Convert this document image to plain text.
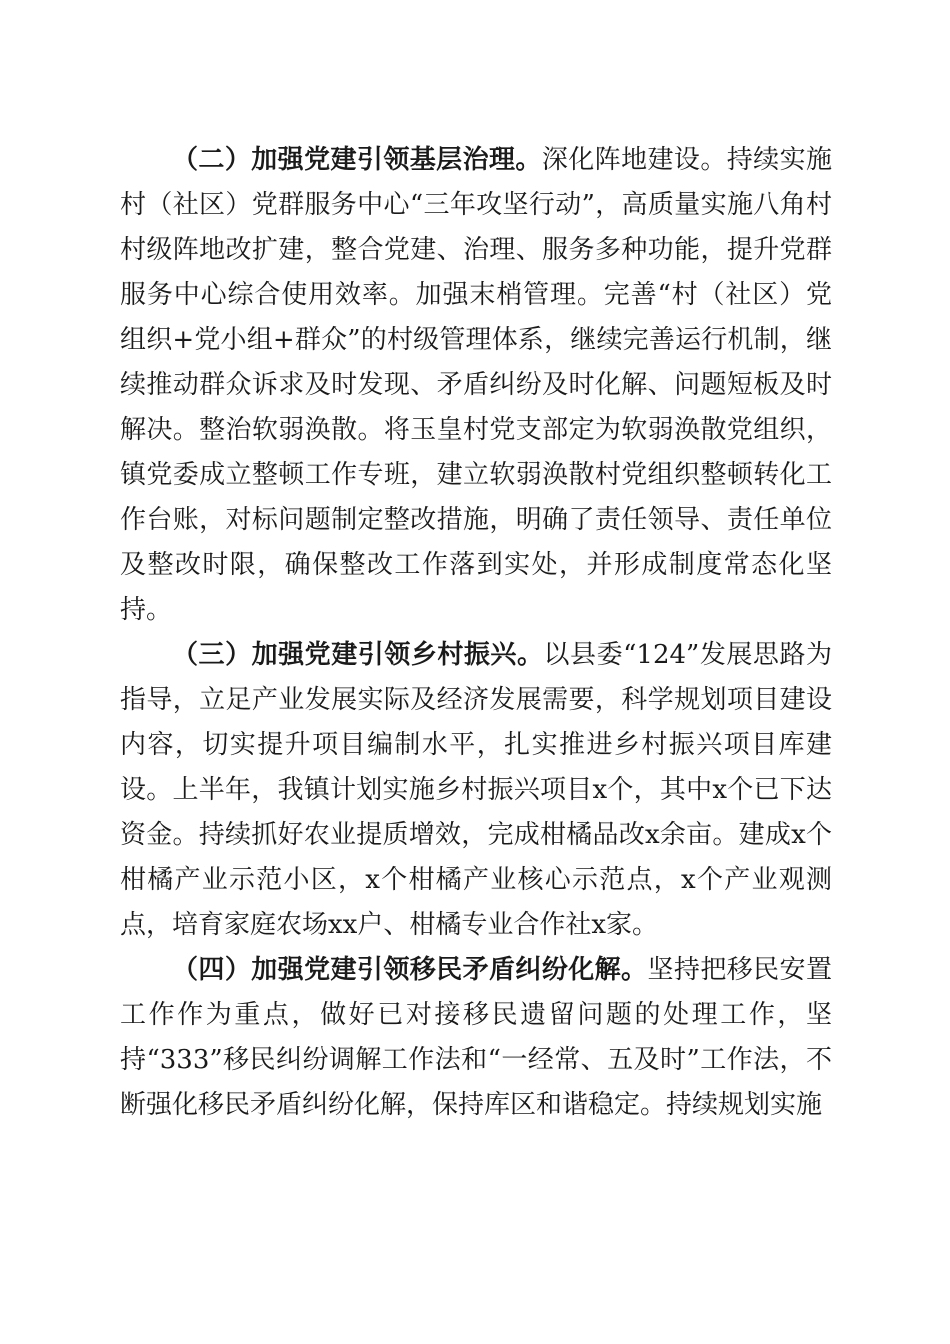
（二）加强党建引领基层治理。深化阵地建设。持续实施村（社区）党群服务中心“三年攻坚行动”，高质量实施八角村村级阵地改扩建，整合党建、治理、服务多种功能，提升党群服务中心综合使用效率。加强末梢管理。完善“村（社区）党组织+党小组+群众”的村级管理体系，继续完善运行机制，继续推动群众诉求及时发现、矛盾纠纷及时化解、问题短板及时解决。整治软弱涣散。将玉皇村党支部定为软弱涣散党组织，镇党委成立整顿工作专班，建立软弱涣散村党组织整顿转化工作台账，对标问题制定整改措施，明确了责任领导、责任单位及整改时限，确保整改工作落到实处，并形成制度常态化坚持。

（三）加强党建引领乡村振兴。以县委“124”发展思路为指导，立足产业发展实际及经济发展需要，科学规划项目建设内容，切实提升项目编制水平，扎实推进乡村振兴项目库建设。上半年，我镇计划实施乡村振兴项目x个，其中x个已下达资金。持续抓好农业提质增效，完成柑橘品改x余亩。建成x个柑橘产业示范小区，x个柑橘产业核心示范点，x个产业观测点，培育家庭农场xx户、柑橘专业合作社x家。

（四）加强党建引领移民矛盾纠纷化解。坚持把移民安置工作作为重点，做好已对接移民遗留问题的处理工作，坚持“333”移民纠纷调解工作法和“一经常、五及时”工作法，不断强化移民矛盾纠纷化解，保持库区和谐稳定。持续规划实施
